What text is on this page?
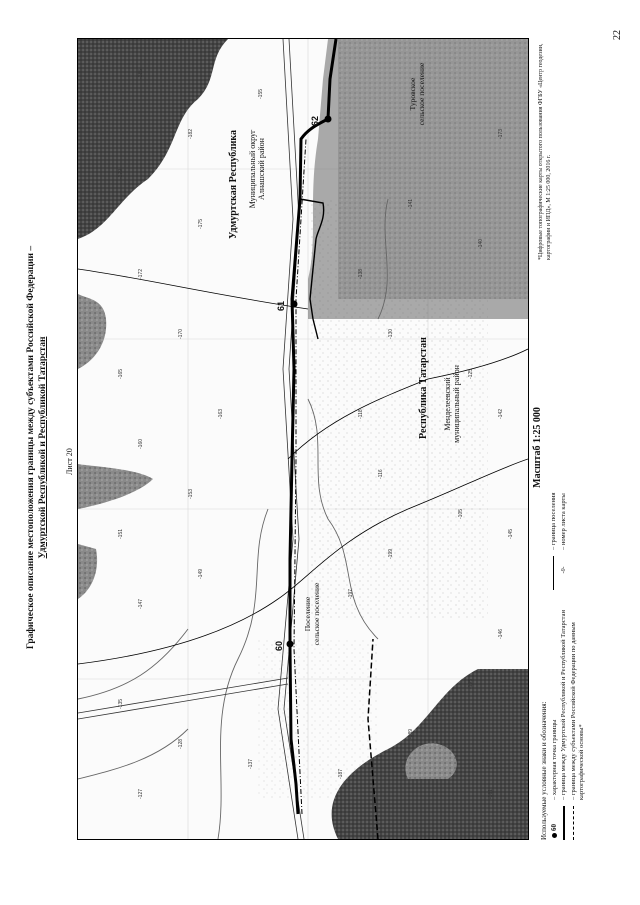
22
Графическое описание местоположения границы между субъектами Российской Федерации – Удмуртской Республикой и Республикой Татарстан Лист 20
60
61
62
Удмуртская Республика
Республика Татарстан
Муниципальный округ Алнашский район
Менделеевский муниципальный район
Поселение сельское поселение
Туровское сельское поселение
-127
-128
-135
-137
-147
-149
-151
-153
-160
-163
-165
-170
-172
-175
-179
-182
-185
-187
-189
-195
-197
-199
-105
-116
-118
-125
-130
-138
-140
-141
-142
-145
-146
-155
-161
-173
Масштаб 1:25 000
Используемые условные знаки и обозначения: 60
– характерная точка границы – граница между Удмуртской Республикой и Республикой Татарстан – граница между субъектами Российской Федерации по данным картографической основы*
– граница поселения
-0-
– номер листа карты
*Цифровые топографические карты открытого пользования ФГБУ «Центр геодезии, картографии и ИПД», М 1:25 000, 2016 г.
